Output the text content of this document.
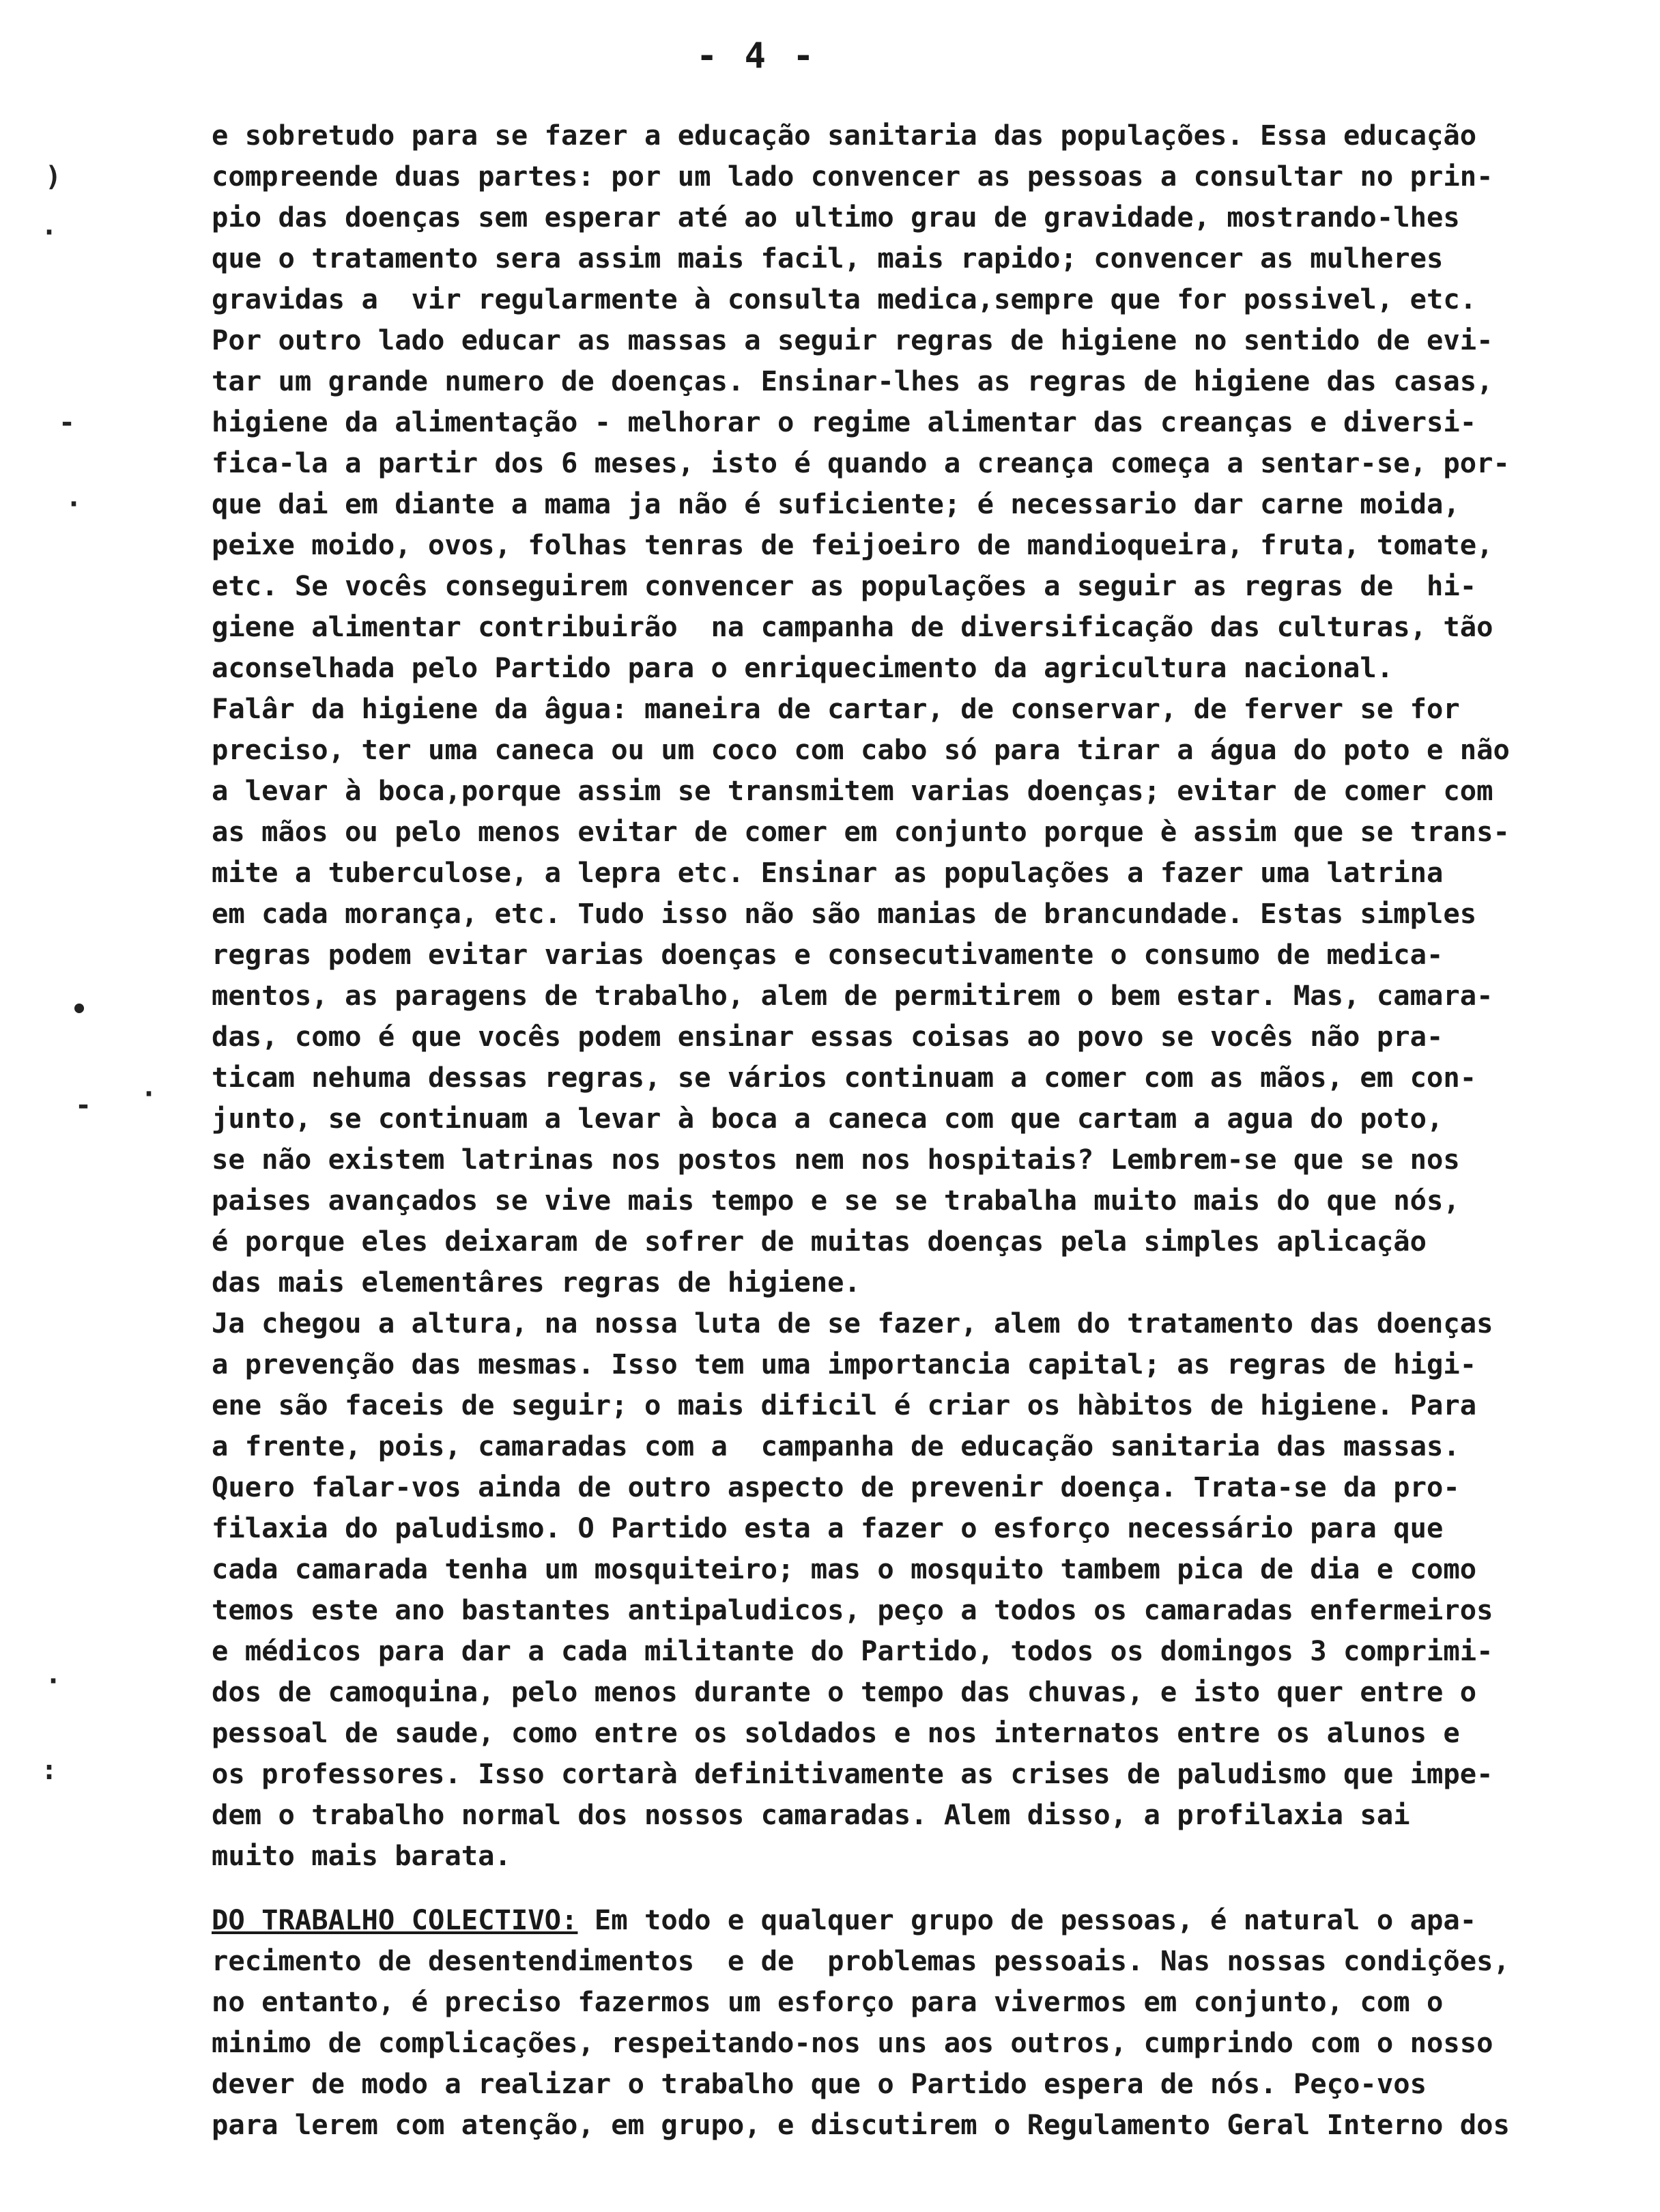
- 4 -
)
·
-
·
•
·
-
·
:
e sobretudo para se fazer a educação sanitaria das populações. Essa educação
compreende duas partes: por um lado convencer as pessoas a consultar no prin-
pio das doenças sem esperar até ao ultimo grau de gravidade, mostrando-lhes
que o tratamento sera assim mais facil, mais rapido; convencer as mulheres
gravidas a  vir regularmente à consulta medica,sempre que for possivel, etc.
Por outro lado educar as massas a seguir regras de higiene no sentido de evi-
tar um grande numero de doenças. Ensinar-lhes as regras de higiene das casas,
higiene da alimentação - melhorar o regime alimentar das creanças e diversi-
fica-la a partir dos 6 meses, isto é quando a creança começa a sentar-se, por-
que dai em diante a mama ja não é suficiente; é necessario dar carne moida,
peixe moido, ovos, folhas tenras de feijoeiro de mandioqueira, fruta, tomate,
etc. Se vocês conseguirem convencer as populações a seguir as regras de  hi-
giene alimentar contribuirão  na campanha de diversificação das culturas, tão
aconselhada pelo Partido para o enriquecimento da agricultura nacional.
Falâr da higiene da âgua: maneira de cartar, de conservar, de ferver se for
preciso, ter uma caneca ou um coco com cabo só para tirar a água do poto e não
a levar à boca,porque assim se transmitem varias doenças; evitar de comer com
as mãos ou pelo menos evitar de comer em conjunto porque è assim que se trans-
mite a tuberculose, a lepra etc. Ensinar as populações a fazer uma latrina
em cada morança, etc. Tudo isso não são manias de brancundade. Estas simples
regras podem evitar varias doenças e consecutivamente o consumo de medica-
mentos, as paragens de trabalho, alem de permitirem o bem estar. Mas, camara-
das, como é que vocês podem ensinar essas coisas ao povo se vocês não pra-
ticam nehuma dessas regras, se vários continuam a comer com as mãos, em con-
junto, se continuam a levar à boca a caneca com que cartam a agua do poto,
se não existem latrinas nos postos nem nos hospitais? Lembrem-se que se nos
paises avançados se vive mais tempo e se se trabalha muito mais do que nós,
é porque eles deixaram de sofrer de muitas doenças pela simples aplicação
das mais elementâres regras de higiene.
Ja chegou a altura, na nossa luta de se fazer, alem do tratamento das doenças
a prevenção das mesmas. Isso tem uma importancia capital; as regras de higi-
ene são faceis de seguir; o mais dificil é criar os hàbitos de higiene. Para
a frente, pois, camaradas com a  campanha de educação sanitaria das massas.
Quero falar-vos ainda de outro aspecto de prevenir doença. Trata-se da pro-
filaxia do paludismo. O Partido esta a fazer o esforço necessário para que
cada camarada tenha um mosquiteiro; mas o mosquito tambem pica de dia e como
temos este ano bastantes antipaludicos, peço a todos os camaradas enfermeiros
e médicos para dar a cada militante do Partido, todos os domingos 3 comprimi-
dos de camoquina, pelo menos durante o tempo das chuvas, e isto quer entre o
pessoal de saude, como entre os soldados e nos internatos entre os alunos e
os professores. Isso cortarà definitivamente as crises de paludismo que impe-
dem o trabalho normal dos nossos camaradas. Alem disso, a profilaxia sai
muito mais barata.
DO TRABALHO COLECTIVO: Em todo e qualquer grupo de pessoas, é natural o apa-
recimento de desentendimentos  e de  problemas pessoais. Nas nossas condições,
no entanto, é preciso fazermos um esforço para vivermos em conjunto, com o
minimo de complicações, respeitando-nos uns aos outros, cumprindo com o nosso
dever de modo a realizar o trabalho que o Partido espera de nós. Peço-vos
para lerem com atenção, em grupo, e discutirem o Regulamento Geral Interno dos
